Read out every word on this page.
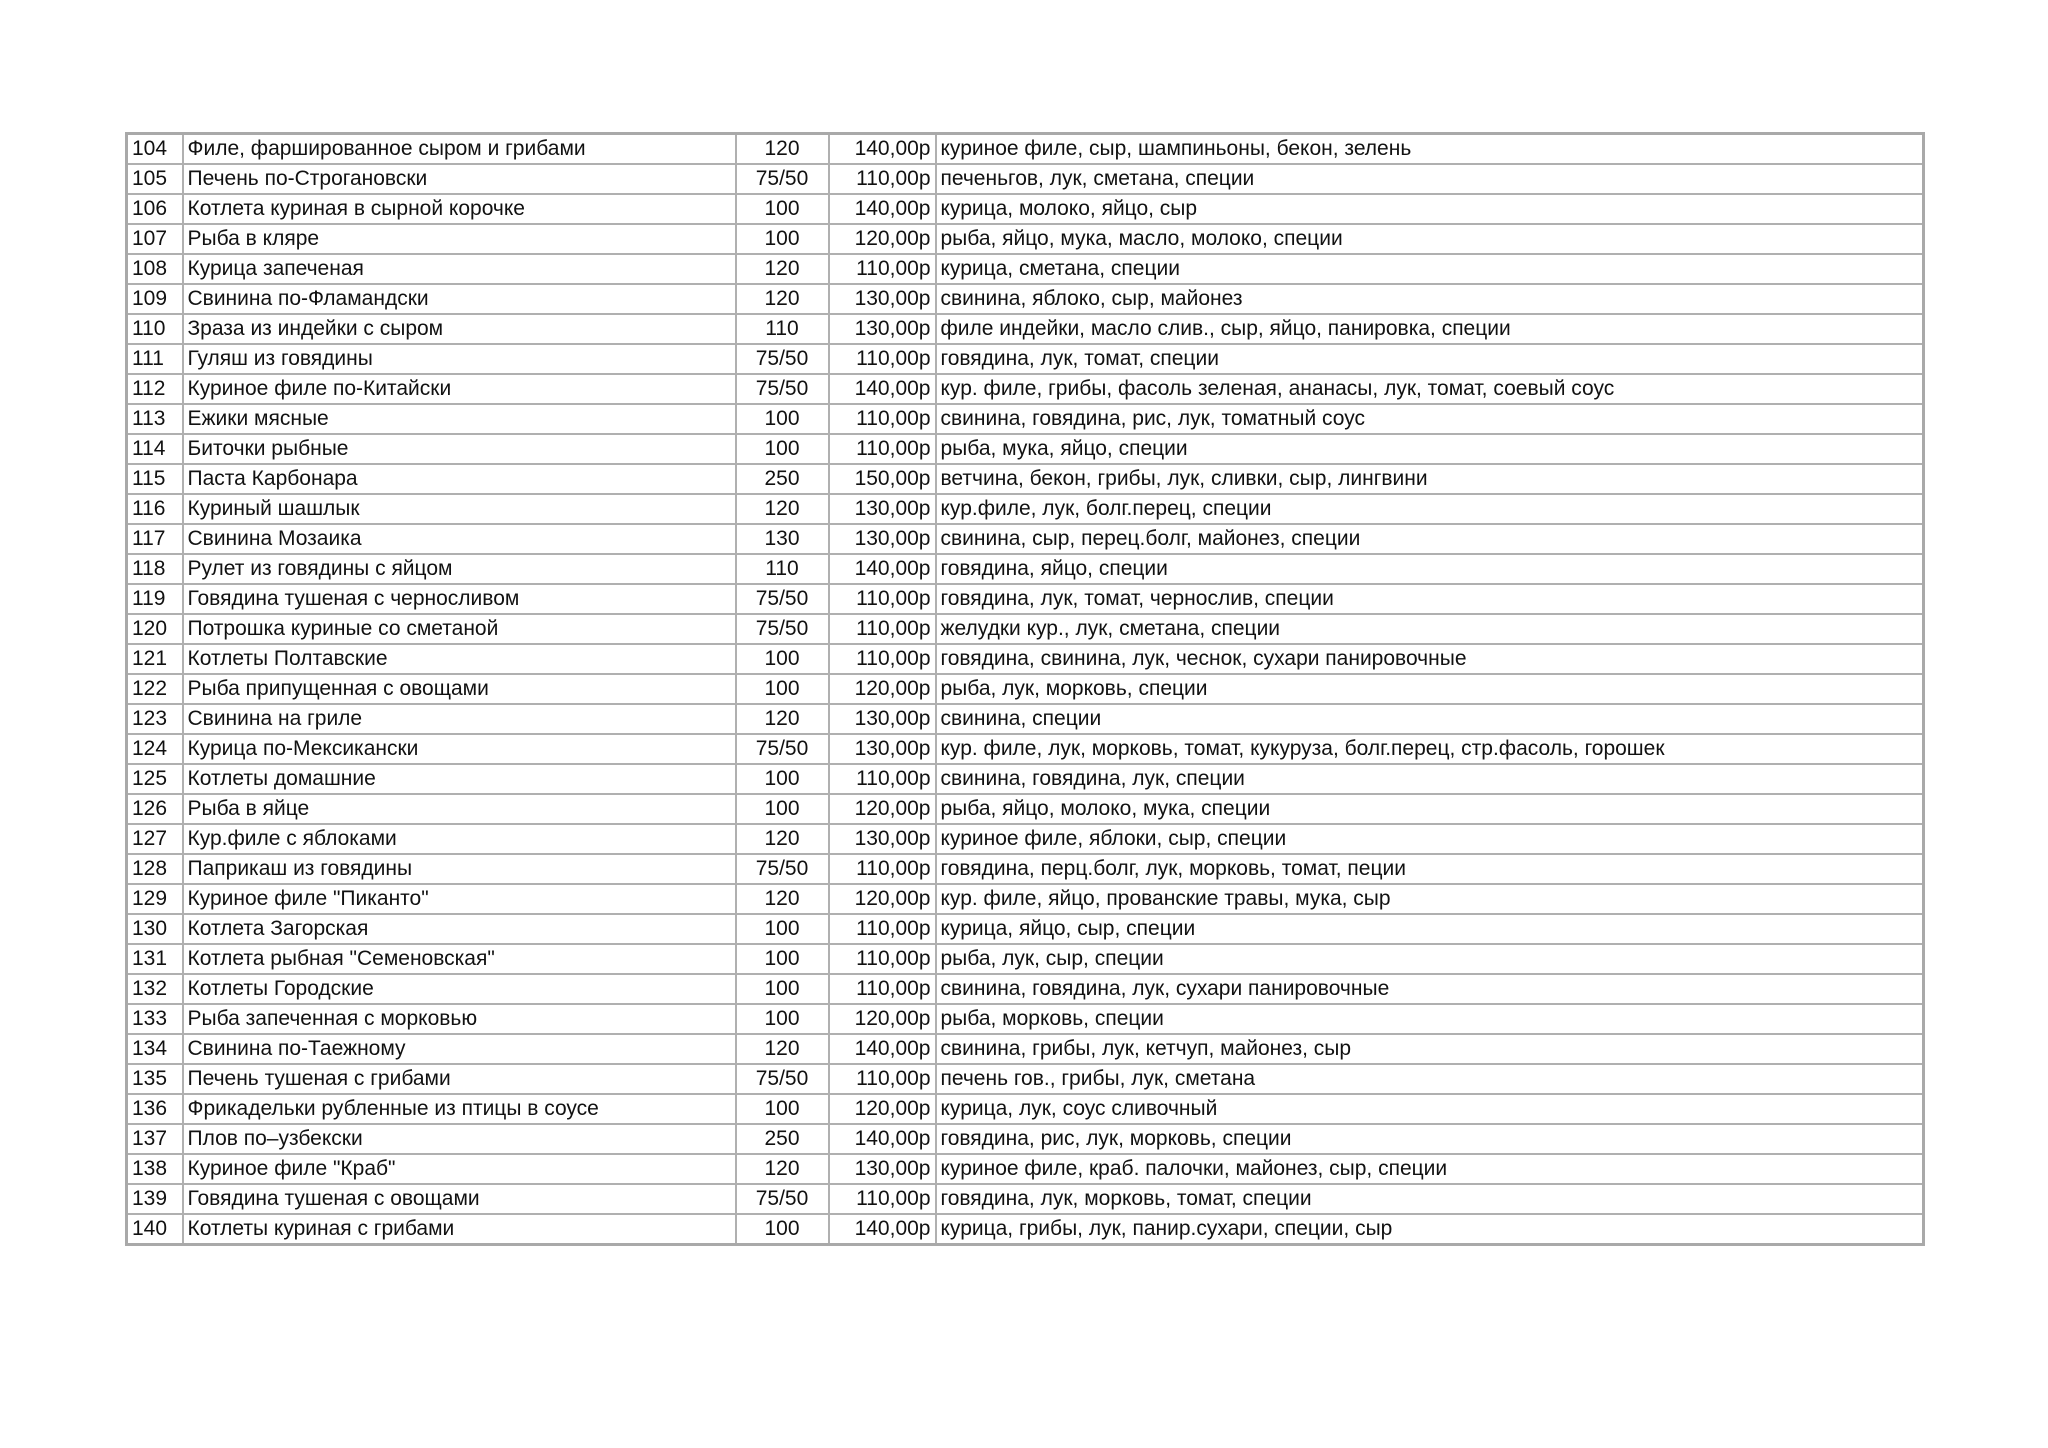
104	Филе, фаршированное сыром и грибами	120	140,00р	куриное филе, сыр, шампиньоны, бекон, зелень
105	Печень по-Строгановски	75/50	110,00р	печеньгов, лук, сметана, специи
106	Котлета куриная в сырной корочке	100	140,00р	курица, молоко, яйцо, сыр
107	Рыба в кляре	100	120,00р	рыба, яйцо, мука, масло, молоко, специи
108	Курица запеченая	120	110,00р	курица, сметана, специи
109	Свинина по-Фламандски	120	130,00р	свинина, яблоко, сыр, майонез
110	Зраза из индейки с сыром	110	130,00р	филе индейки, масло слив., сыр, яйцо, панировка, специи
111	Гуляш из говядины	75/50	110,00р	говядина, лук, томат, специи
112	Куриное филе по-Китайски	75/50	140,00р	кур. филе, грибы, фасоль зеленая, ананасы, лук, томат, соевый соус
113	Ежики мясные	100	110,00р	свинина, говядина, рис, лук, томатный соус
114	Биточки рыбные	100	110,00р	рыба, мука, яйцо, специи
115	Паста Карбонара	250	150,00р	ветчина, бекон, грибы, лук, сливки, сыр, лингвини
116	Куриный шашлык	120	130,00р	кур.филе, лук, болг.перец, специи
117	Свинина Мозаика	130	130,00р	свинина, сыр, перец.болг, майонез, специи
118	Рулет из говядины с яйцом	110	140,00р	говядина, яйцо, специи
119	Говядина тушеная с черносливом	75/50	110,00р	говядина, лук, томат, чернослив, специи
120	Потрошка куриные со сметаной	75/50	110,00р	желудки кур., лук, сметана, специи
121	Котлеты Полтавские	100	110,00р	говядина, свинина, лук, чеснок, сухари панировочные
122	Рыба припущенная с овощами	100	120,00р	рыба, лук, морковь, специи
123	Свинина на гриле	120	130,00р	свинина, специи
124	Курица по-Мексикански	75/50	130,00р	кур. филе, лук, морковь, томат, кукуруза, болг.перец, стр.фасоль, горошек
125	Котлеты домашние	100	110,00р	свинина, говядина, лук, специи
126	Рыба в яйце	100	120,00р	рыба, яйцо, молоко, мука, специи
127	Кур.филе с яблоками	120	130,00р	куриное филе, яблоки, сыр, специи
128	Паприкаш из говядины	75/50	110,00р	говядина, перц.болг, лук, морковь, томат, пеции
129	Куриное филе "Пиканто"	120	120,00р	кур. филе, яйцо, прованские травы, мука, сыр
130	Котлета Загорская	100	110,00р	курица, яйцо, сыр, специи
131	Котлета рыбная "Семеновская"	100	110,00р	рыба, лук, сыр, специи
132	Котлеты Городские	100	110,00р	свинина, говядина, лук, сухари панировочные
133	Рыба запеченная с морковью	100	120,00р	рыба, морковь, специи
134	Свинина по-Таежному	120	140,00р	свинина, грибы, лук, кетчуп, майонез, сыр
135	Печень тушеная с грибами	75/50	110,00р	печень гов., грибы, лук, сметана
136	Фрикадельки рубленные из птицы в соусе	100	120,00р	курица, лук, соус сливочный
137	Плов по–узбекски	250	140,00р	говядина, рис, лук, морковь, специи
138	Куриное филе "Краб"	120	130,00р	куриное филе, краб. палочки, майонез, сыр, специи
139	Говядина тушеная с овощами	75/50	110,00р	говядина, лук, морковь, томат, специи
140	Котлеты куриная с грибами	100	140,00р	курица, грибы, лук, панир.сухари, специи, сыр
